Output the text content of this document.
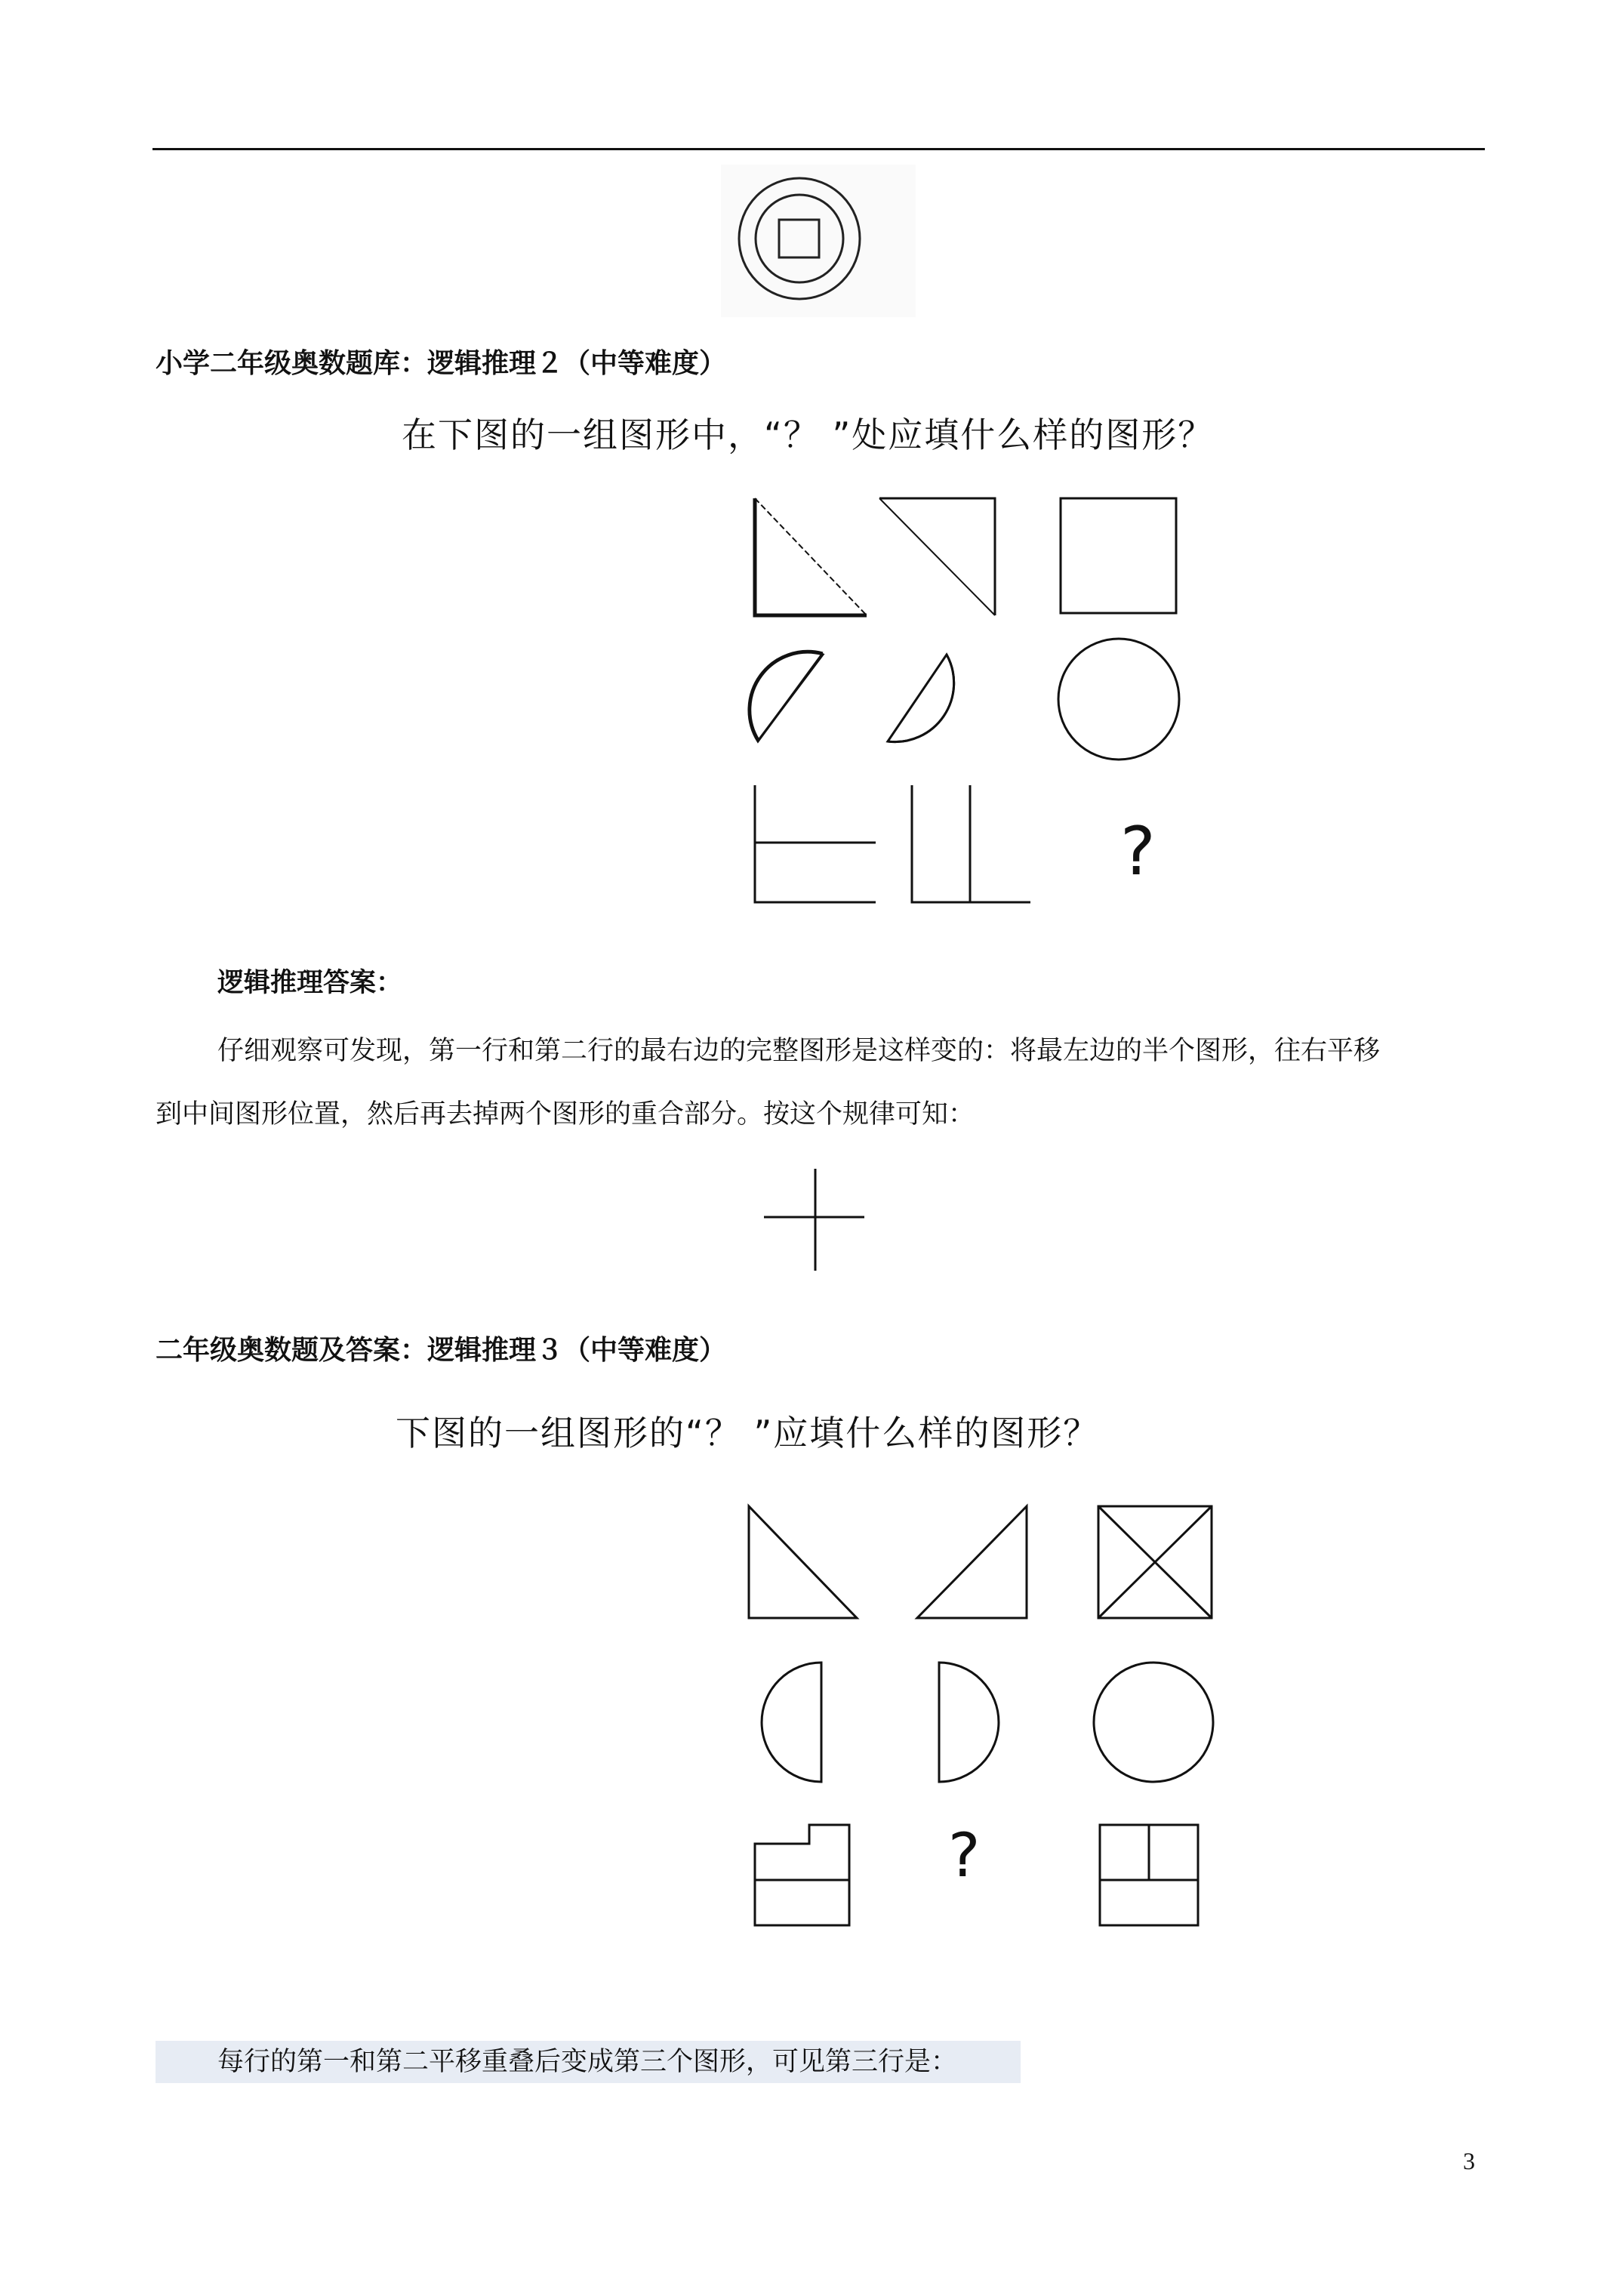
小学二年级奥数题库：逻辑推理２（中等难度）
在下图的一组图形中，“？ ”处应填什么样的图形？
?
逻辑推理答案：
仔细观察可发现，第一行和第二行的最右边的完整图形是这样变的：将最左边的半个图形，往右平移
到中间图形位置，然后再去掉两个图形的重合部分。按这个规律可知：
二年级奥数题及答案：逻辑推理３（中等难度）
下图的一组图形的“？ ”应填什么样的图形？
?
每行的第一和第二平移重叠后变成第三个图形，可见第三行是：
3
